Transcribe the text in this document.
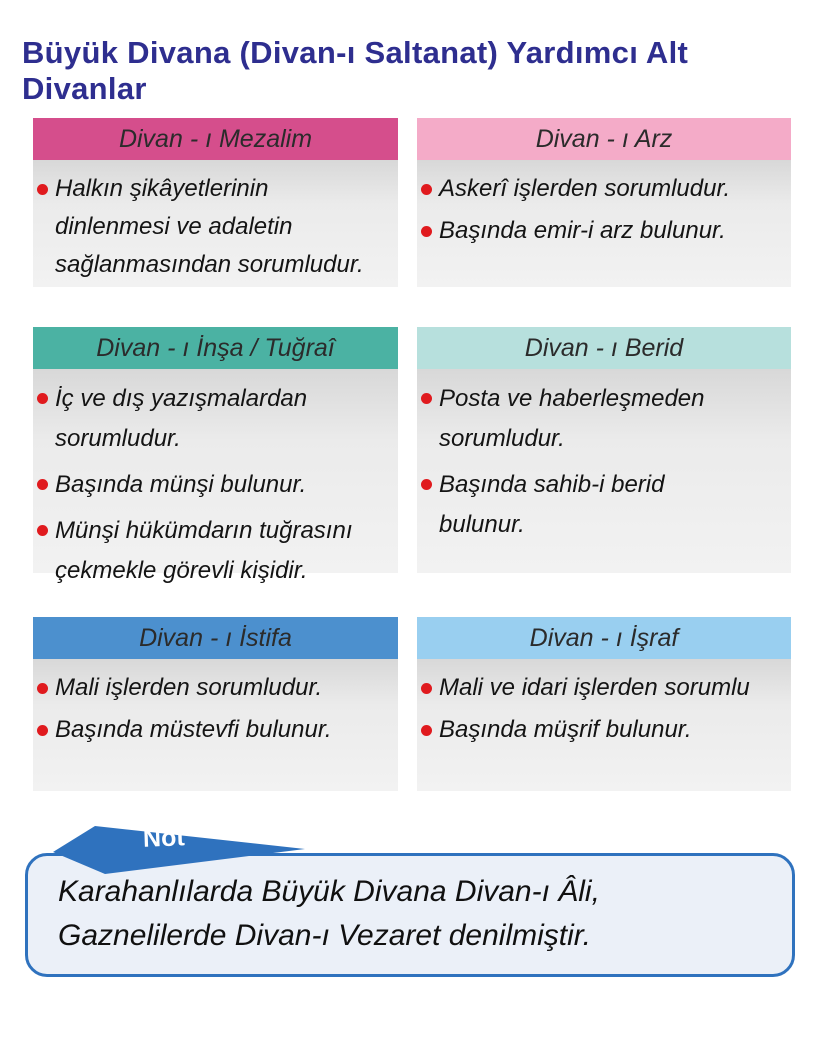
Büyük Divana (Divan-ı Saltanat) Yardımcı Alt Divanlar
Divan - ı Mezalim
Halkın şikâyetlerinin
dinlenmesi ve adaletin
sağlanmasından sorumludur.
Divan - ı Arz
Askerî işlerden sorumludur.
Başında emir-i arz bulunur.
Divan - ı İnşa / Tuğraî
İç ve dış yazışmalardan
sorumludur.
Başında münşi bulunur.
Münşi hükümdarın tuğrasını
çekmekle görevli kişidir.
Divan - ı Berid
Posta ve haberleşmeden
sorumludur.
Başında sahib-i berid
bulunur.
Divan - ı İstifa
Mali işlerden sorumludur.
Başında müstevfi bulunur.
Divan - ı İşraf
Mali ve idari işlerden sorumlu
Başında müşrif bulunur.
Karahanlılarda Büyük Divana Divan-ı Âli,
Gaznelilerde Divan-ı Vezaret denilmiştir.
Not
